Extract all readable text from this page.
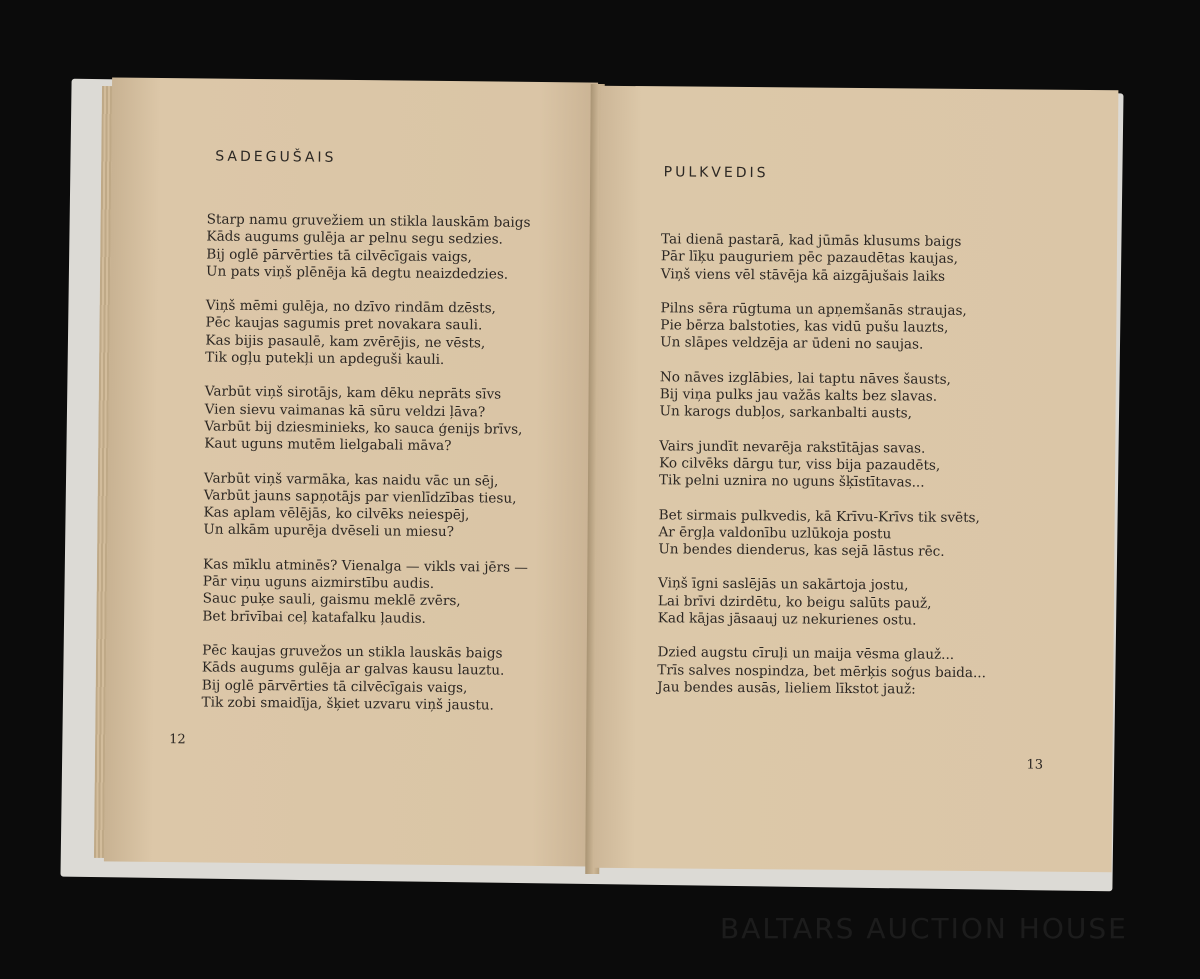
SADEGUŠAIS
Starp namu gruvežiem un stikla lauskām baigs
Kāds augums gulēja ar pelnu segu sedzies.
Bij oglē pārvērties tā cilvēcīgais vaigs,
Un pats viņš plēnēja kā degtu neaizdedzies.
Viņš mēmi gulēja, no dzīvo rindām dzēsts,
Pēc kaujas sagumis pret novakara sauli.
Kas bijis pasaulē, kam zvērējis, ne vēsts,
Tik ogļu putekļi un apdeguši kauli.
Varbūt viņš sirotājs, kam dēku neprāts sīvs
Vien sievu vaimanas kā sūru veldzi ļāva?
Varbūt bij dziesminieks, ko sauca ģenijs brīvs,
Kaut uguns mutēm lielgabali māva?
Varbūt viņš varmāka, kas naidu vāc un sēj,
Varbūt jauns sapņotājs par vienlīdzības tiesu,
Kas aplam vēlējās, ko cilvēks neiespēj,
Un alkām upurēja dvēseli un miesu?
Kas mīklu atminēs? Vienalga — vikls vai jērs —
Pār viņu uguns aizmirstību audis.
Sauc puķe sauli, gaismu meklē zvērs,
Bet brīvībai ceļ katafalku ļaudis.
Pēc kaujas gruvežos un stikla lauskās baigs
Kāds augums gulēja ar galvas kausu lauztu.
Bij oglē pārvērties tā cilvēcīgais vaigs,
Tik zobi smaidīja, šķiet uzvaru viņš jaustu.
12
PULKVEDIS
Tai dienā pastarā, kad jūmās klusums baigs
Pār līķu pauguriem pēc pazaudētas kaujas,
Viņš viens vēl stāvēja kā aizgājušais laiks
Pilns sēra rūgtuma un apņemšanās straujas,
Pie bērza balstoties, kas vidū pušu lauzts,
Un slāpes veldzēja ar ūdeni no saujas.
No nāves izglābies, lai taptu nāves šausts,
Bij viņa pulks jau važās kalts bez slavas.
Un karogs dubļos, sarkanbalti austs,
Vairs jundīt nevarēja rakstītājas savas.
Ko cilvēks dārgu tur, viss bija pazaudēts,
Tik pelni uznira no uguns šķīstītavas...
Bet sirmais pulkvedis, kā Krīvu-Krīvs tik svēts,
Ar ērgļa valdonību uzlūkoja postu
Un bendes dienderus, kas sejā lāstus rēc.
Viņš īgni saslējās un sakārtoja jostu,
Lai brīvi dzirdētu, ko beigu salūts pauž,
Kad kājas jāsaauj uz nekurienes ostu.
Dzied augstu cīruļi un maija vēsma glauž...
Trīs salves nospindza, bet mērķis soģus baida...
Jau bendes ausās, lieliem līkstot jauž:
13
BALTARS AUCTION HOUSE
